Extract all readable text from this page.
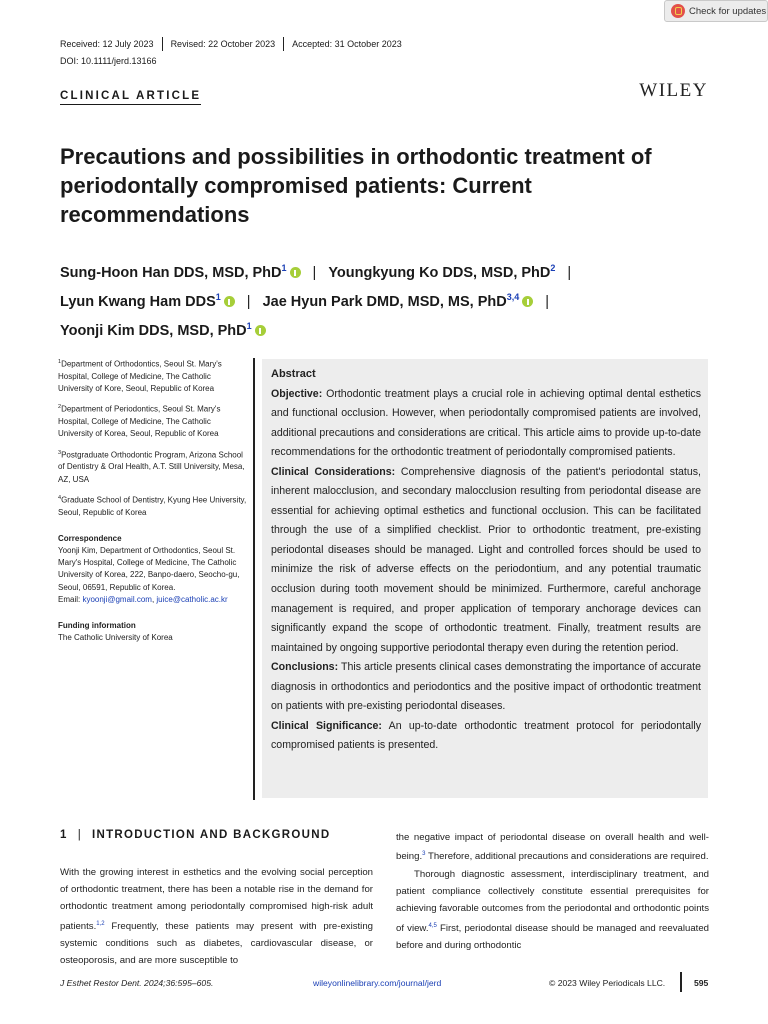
Check for updates
Received: 12 July 2023	Revised: 22 October 2023	Accepted: 31 October 2023
DOI: 10.1111/jerd.13166
CLINICAL ARTICLE	WILEY
Precautions and possibilities in orthodontic treatment of periodontally compromised patients: Current recommendations
Sung-Hoon Han DDS, MSD, PhD$^1$ | Youngkyung Ko DDS, MSD, PhD$^2$ |
Lyun Kwang Ham DDS$^1$ | Jae Hyun Park DMD, MSD, MS, PhD$^{3,4}$ |
Yoonji Kim DDS, MSD, PhD$^1$

$^1$Department of Orthodontics, Seoul St. Mary's Hospital, College of Medicine, The Catholic University of Kore, Seoul, Republic of Korea

$^2$Department of Periodontics, Seoul St. Mary's Hospital, College of Medicine, The Catholic University of Korea, Seoul, Republic of Korea

$^3$Postgraduate Orthodontic Program, Arizona School of Dentistry & Oral Health, A.T. Still University, Mesa, AZ, USA

$^4$Graduate School of Dentistry, Kyung Hee University, Seoul, Republic of Korea

Correspondence

Yoonji Kim, Department of Orthodontics, Seoul St. Mary's Hospital, College of Medicine, The Catholic University of Korea, 222, Banpo-daero, Seocho-gu, Seoul, 06591, Republic of Korea.
Email: kyoonji@gmail.com, juice@catholic.ac.kr

Funding information

The Catholic University of Korea

Abstract

Objective: Orthodontic treatment plays a crucial role in achieving optimal dental esthetics and functional occlusion. However, when periodontally compromised patients are involved, additional precautions and considerations are critical. This article aims to provide up-to-date recommendations for the orthodontic treatment of periodontally compromised patients.

Clinical Considerations: Comprehensive diagnosis of the patient's periodontal status, inherent malocclusion, and secondary malocclusion resulting from periodontal disease are essential for achieving optimal esthetics and functional occlusion. This can be facilitated through the use of a simplified checklist. Prior to orthodontic treatment, pre-existing periodontal diseases should be managed. Light and controlled forces should be used to minimize the risk of adverse effects on the periodontium, and any potential traumatic occlusion during tooth movement should be minimized. Furthermore, careful anchorage management is required, and proper application of temporary anchorage devices can significantly expand the scope of orthodontic treatment. Finally, treatment results are maintained by ongoing supportive periodontal therapy even during the retention period.

Conclusions: This article presents clinical cases demonstrating the importance of accurate diagnosis in orthodontics and periodontics and the positive impact of orthodontic treatment on patients with pre-existing periodontal diseases.

Clinical Significance: An up-to-date orthodontic treatment protocol for periodontally compromised patients is presented.

1 | INTRODUCTION AND BACKGROUND

With the growing interest in esthetics and the evolving social perception of orthodontic treatment, there has been a notable rise in the demand for orthodontic treatment among periodontally compromised high-risk adult patients.$^{1,2}$ Frequently, these patients may present with pre-existing systemic conditions such as diabetes, cardiovascular disease, or osteoporosis, and are more susceptible to

the negative impact of periodontal disease on overall health and well-being.$^3$ Therefore, additional precautions and considerations are required.

Thorough diagnostic assessment, interdisciplinary treatment, and patient compliance collectively constitute essential prerequisites for achieving favorable outcomes from the periodontal and orthodontic points of view.$^{4,5}$ First, periodontal disease should be managed and reevaluated before and during orthodontic

J Esthet Restor Dent. 2024;36:595–605.	wileyonlinelibrary.com/journal/jerd	© 2023 Wiley Periodicals LLC.	595
